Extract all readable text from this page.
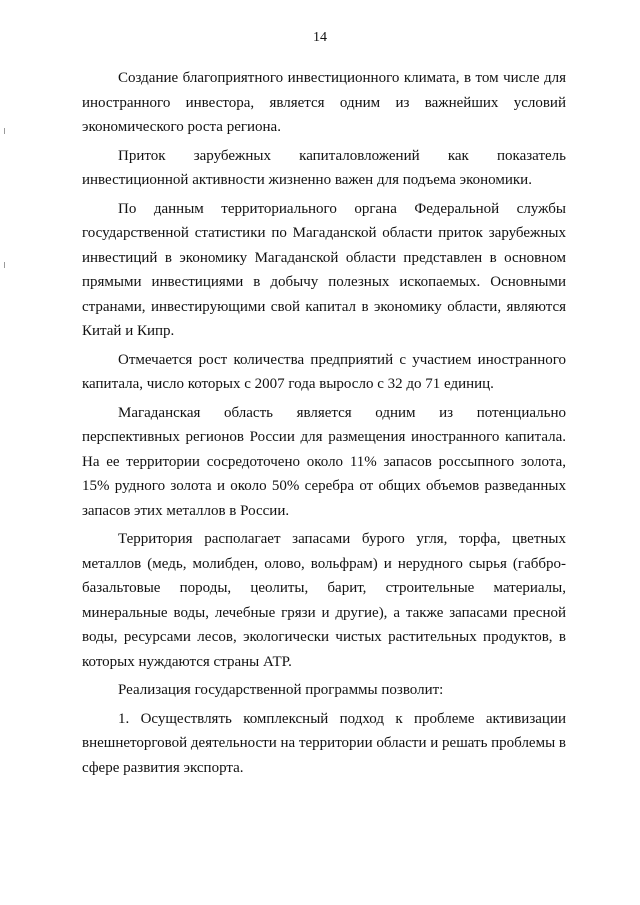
14

Создание благоприятного инвестиционного климата, в том числе для иностранного инвестора, является одним из важнейших условий экономического роста региона.

Приток зарубежных капиталовложений как показатель инвестиционной активности жизненно важен для подъема экономики.

По данным территориального органа Федеральной службы государственной статистики по Магаданской области приток зарубежных инвестиций в экономику Магаданской области представлен в основном прямыми инвестициями в добычу полезных ископаемых. Основными странами, инвестирующими свой капитал в экономику области, являются Китай и Кипр.

Отмечается рост количества предприятий с участием иностранного капитала, число которых с 2007 года выросло с 32 до 71 единиц.

Магаданская область является одним из потенциально перспективных регионов России для размещения иностранного капитала. На ее территории сосредоточено около 11% запасов россыпного золота, 15% рудного золота и около 50% серебра от общих объемов разведанных запасов этих металлов в России.

Территория располагает запасами бурого угля, торфа, цветных металлов (медь, молибден, олово, вольфрам) и нерудного сырья (габбро-базальтовые породы, цеолиты, барит, строительные материалы, минеральные воды, лечебные грязи и другие), а также запасами пресной воды, ресурсами лесов, экологически чистых растительных продуктов, в которых нуждаются страны АТР.

Реализация государственной программы позволит:

1. Осуществлять комплексный подход к проблеме активизации внешнеторговой деятельности на территории области и решать проблемы в сфере развития экспорта.
